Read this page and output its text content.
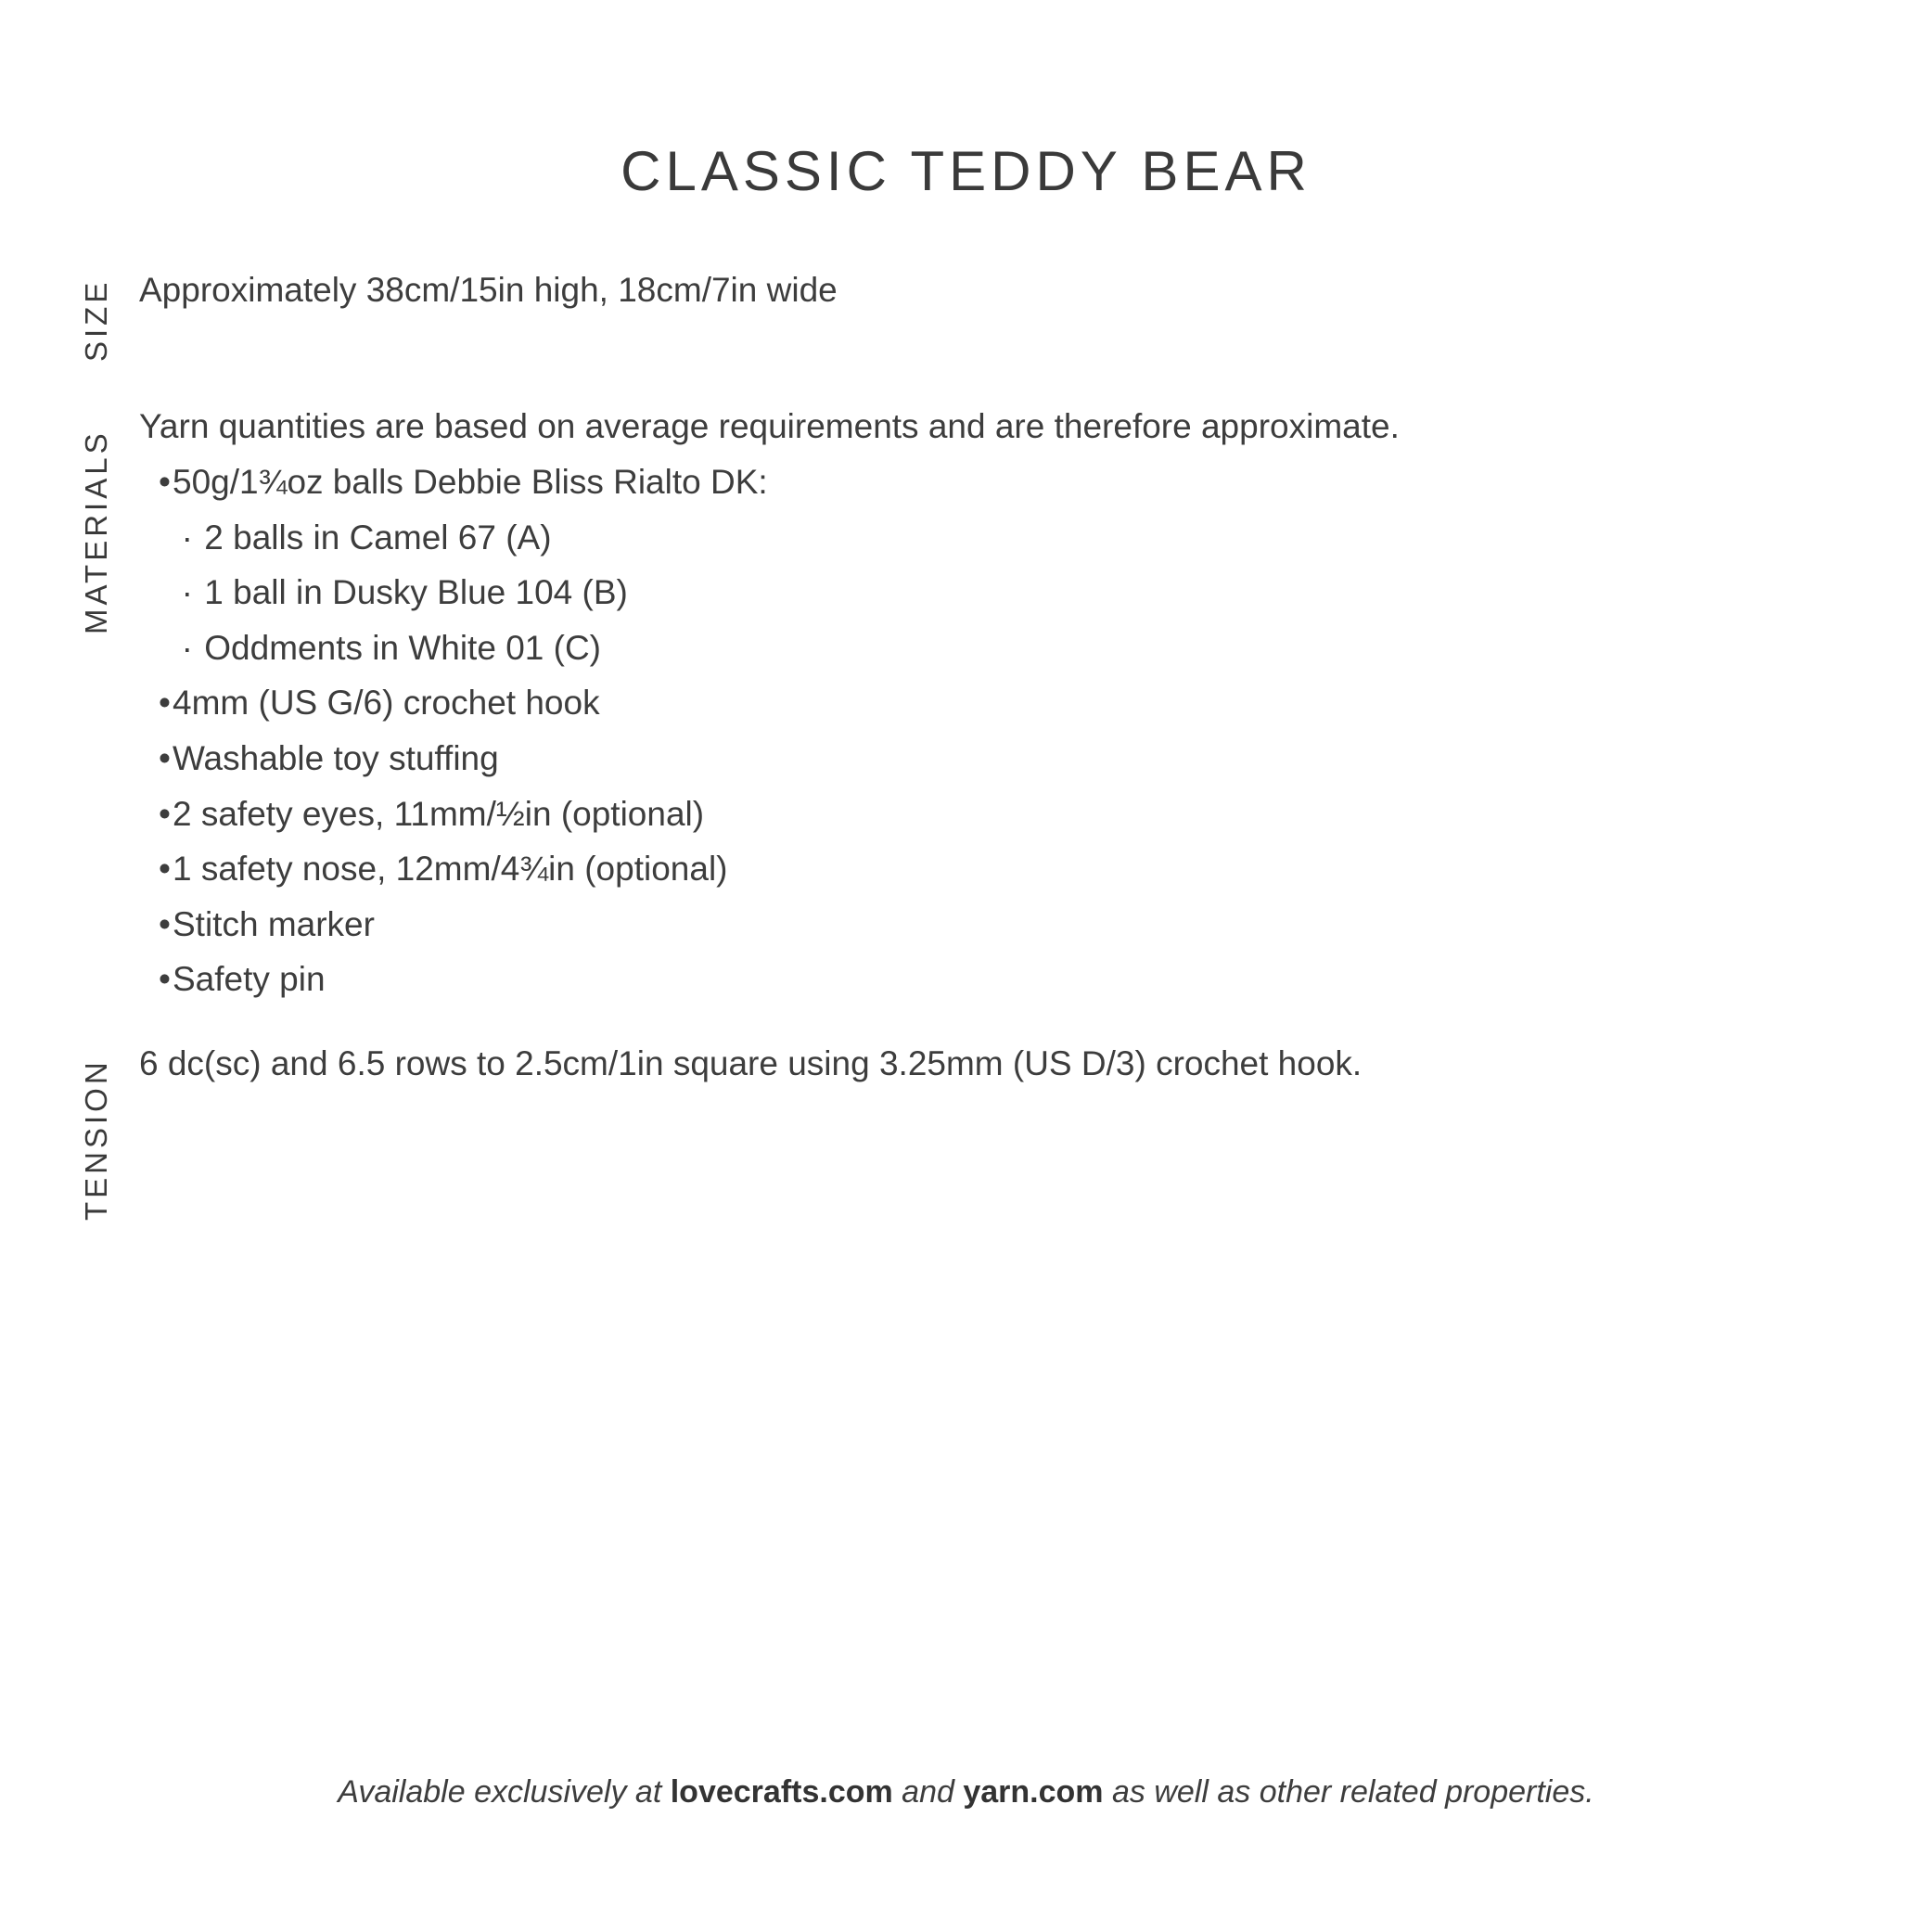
CLASSIC TEDDY BEAR
SIZE Approximately 38cm/15in high, 18cm/7in wide
MATERIALS
Yarn quantities are based on average requirements and are therefore approximate.
•50g/1¾oz balls Debbie Bliss Rialto DK:
· 2 balls in Camel 67 (A)
· 1 ball in Dusky Blue 104 (B)
· Oddments in White 01 (C)
•4mm (US G/6) crochet hook
•Washable toy stuffing
•2 safety eyes, 11mm/½in (optional)
•1 safety nose, 12mm/4¾in (optional)
•Stitch marker
•Safety pin
TENSION 6 dc(sc) and 6.5 rows to 2.5cm/1in square using 3.25mm (US D/3) crochet hook.
Available exclusively at lovecrafts.com and yarn.com as well as other related properties.
